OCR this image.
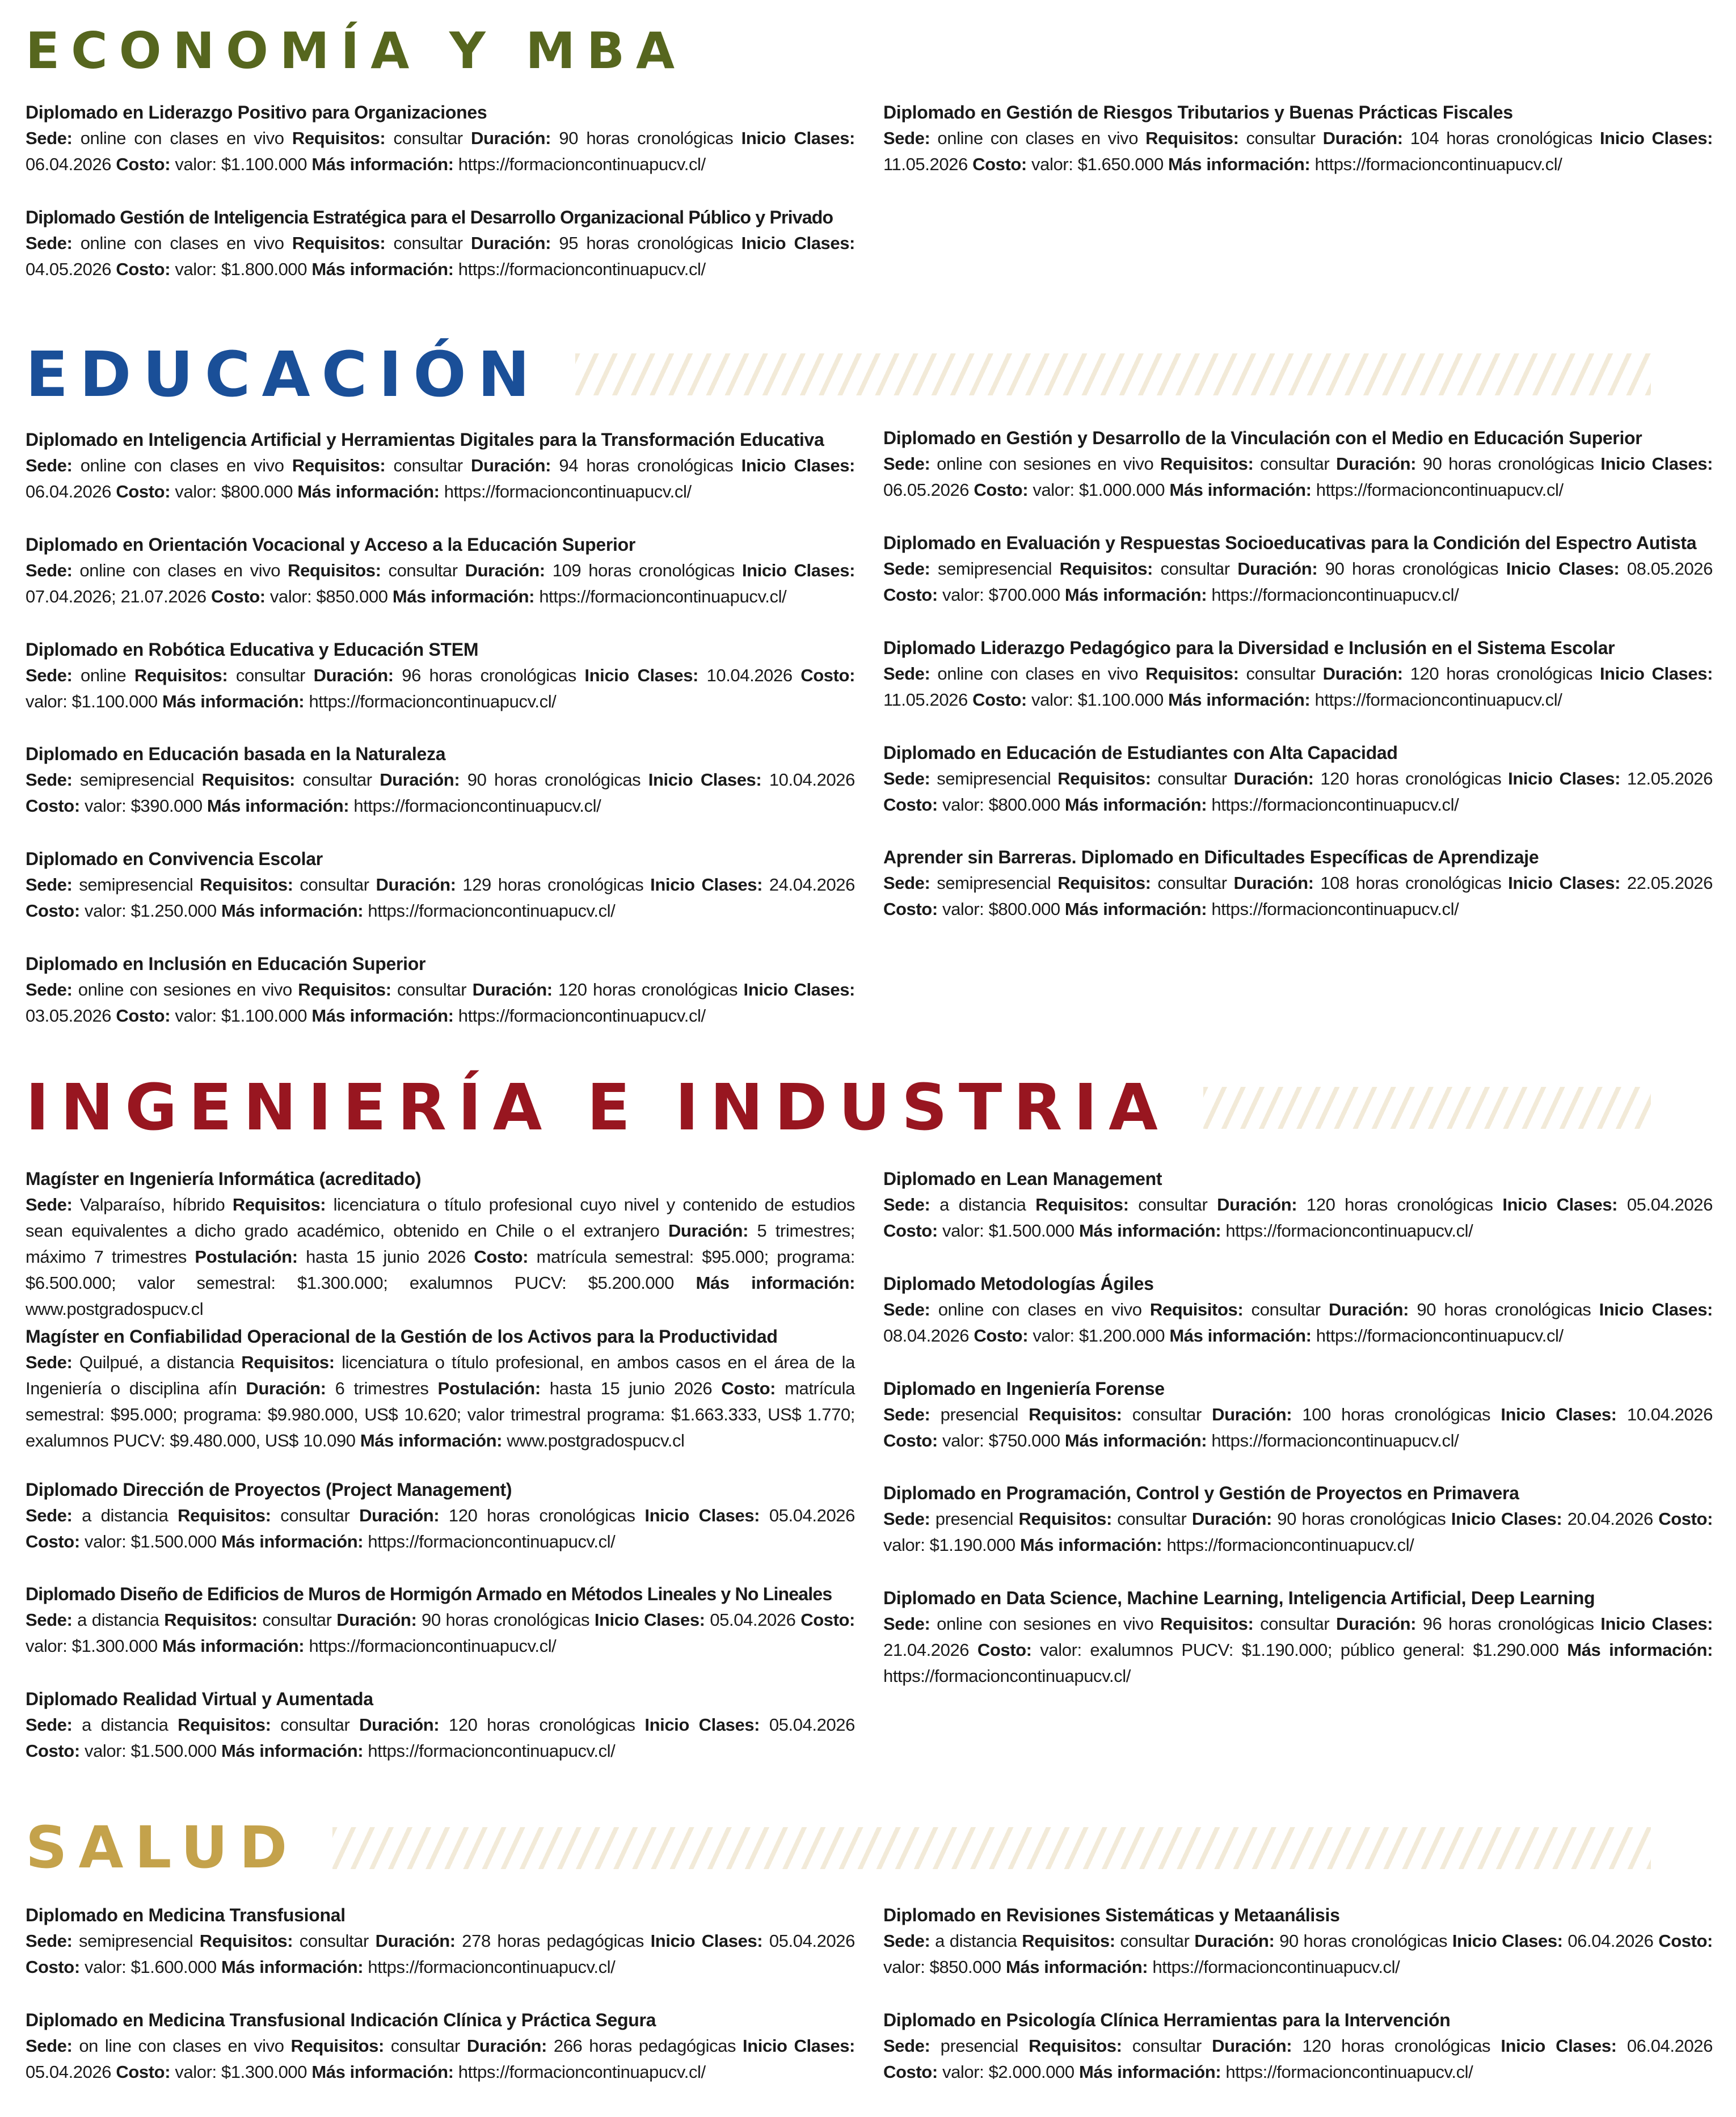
ECONOMÍA Y MBA
Diplomado en Liderazgo Positivo para Organizaciones
Sede: online con clases en vivo Requisitos: consultar Duración: 90 horas cronológicas Inicio Clases: 06.04.2026 Costo: valor: $1.100.000 Más información: https://formacioncontinuapucv.cl/
Diplomado Gestión de Inteligencia Estratégica para el Desarrollo Organizacional Público y Privado
Sede: online con clases en vivo Requisitos: consultar Duración: 95 horas cronológicas Inicio Clases: 04.05.2026 Costo: valor: $1.800.000 Más información: https://formacioncontinuapucv.cl/
Diplomado en Gestión de Riesgos Tributarios y Buenas Prácticas Fiscales
Sede: online con clases en vivo Requisitos: consultar Duración: 104 horas cronológicas Inicio Clases: 11.05.2026 Costo: valor: $1.650.000 Más información: https://formacioncontinuapucv.cl/
EDUCACIÓN
Diplomado en Inteligencia Artificial y Herramientas Digitales para la Transformación Educativa
Sede: online con clases en vivo Requisitos: consultar Duración: 94 horas cronológicas Inicio Clases: 06.04.2026 Costo: valor: $800.000 Más información: https://formacioncontinuapucv.cl/
Diplomado en Orientación Vocacional y Acceso a la Educación Superior
Sede: online con clases en vivo Requisitos: consultar Duración: 109 horas cronológicas Inicio Clases: 07.04.2026; 21.07.2026 Costo: valor: $850.000 Más información: https://formacioncontinuapucv.cl/
Diplomado en Robótica Educativa y Educación STEM
Sede: online Requisitos: consultar Duración: 96 horas cronológicas Inicio Clases: 10.04.2026 Costo: valor: $1.100.000 Más información: https://formacioncontinuapucv.cl/
Diplomado en Educación basada en la Naturaleza
Sede: semipresencial Requisitos: consultar Duración: 90 horas cronológicas Inicio Clases: 10.04.2026 Costo: valor: $390.000 Más información: https://formacioncontinuapucv.cl/
Diplomado en Convivencia Escolar
Sede: semipresencial Requisitos: consultar Duración: 129 horas cronológicas Inicio Clases: 24.04.2026 Costo: valor: $1.250.000 Más información: https://formacioncontinuapucv.cl/
Diplomado en Inclusión en Educación Superior
Sede: online con sesiones en vivo Requisitos: consultar Duración: 120 horas cronológicas Inicio Clases: 03.05.2026 Costo: valor: $1.100.000 Más información: https://formacioncontinuapucv.cl/
Diplomado en Gestión y Desarrollo de la Vinculación con el Medio en Educación Superior
Sede: online con sesiones en vivo Requisitos: consultar Duración: 90 horas cronológicas Inicio Clases: 06.05.2026 Costo: valor: $1.000.000 Más información: https://formacioncontinuapucv.cl/
Diplomado en Evaluación y Respuestas Socioeducativas para la Condición del Espectro Autista
Sede: semipresencial Requisitos: consultar Duración: 90 horas cronológicas Inicio Clases: 08.05.2026 Costo: valor: $700.000 Más información: https://formacioncontinuapucv.cl/
Diplomado Liderazgo Pedagógico para la Diversidad e Inclusión en el Sistema Escolar
Sede: online con clases en vivo Requisitos: consultar Duración: 120 horas cronológicas Inicio Clases: 11.05.2026 Costo: valor: $1.100.000 Más información: https://formacioncontinuapucv.cl/
Diplomado en Educación de Estudiantes con Alta Capacidad
Sede: semipresencial Requisitos: consultar Duración: 120 horas cronológicas Inicio Clases: 12.05.2026 Costo: valor: $800.000 Más información: https://formacioncontinuapucv.cl/
Aprender sin Barreras. Diplomado en Dificultades Específicas de Aprendizaje
Sede: semipresencial Requisitos: consultar Duración: 108 horas cronológicas Inicio Clases: 22.05.2026 Costo: valor: $800.000 Más información: https://formacioncontinuapucv.cl/
INGENIERÍA E INDUSTRIA
Magíster en Ingeniería Informática (acreditado)
Sede: Valparaíso, híbrido Requisitos: licenciatura o título profesional cuyo nivel y contenido de estudios sean equivalentes a dicho grado académico, obtenido en Chile o el extranjero Duración: 5 trimestres; máximo 7 trimestres Postulación: hasta 15 junio 2026 Costo: matrícula semestral: $95.000; programa: $6.500.000; valor semestral: $1.300.000; exalumnos PUCV: $5.200.000 Más información: www.postgradospucv.cl
Magíster en Confiabilidad Operacional de la Gestión de los Activos para la Productividad
Sede: Quilpué, a distancia Requisitos: licenciatura o título profesional, en ambos casos en el área de la Ingeniería o disciplina afín Duración: 6 trimestres Postulación: hasta 15 junio 2026 Costo: matrícula semestral: $95.000; programa: $9.980.000, US$ 10.620; valor trimestral programa: $1.663.333, US$ 1.770; exalumnos PUCV: $9.480.000, US$ 10.090 Más información: www.postgradospucv.cl
Diplomado Dirección de Proyectos (Project Management)
Sede: a distancia Requisitos: consultar Duración: 120 horas cronológicas Inicio Clases: 05.04.2026 Costo: valor: $1.500.000 Más información: https://formacioncontinuapucv.cl/
Diplomado Diseño de Edificios de Muros de Hormigón Armado en Métodos Lineales y No Lineales
Sede: a distancia Requisitos: consultar Duración: 90 horas cronológicas Inicio Clases: 05.04.2026 Costo: valor: $1.300.000 Más información: https://formacioncontinuapucv.cl/
Diplomado Realidad Virtual y Aumentada
Sede: a distancia Requisitos: consultar Duración: 120 horas cronológicas Inicio Clases: 05.04.2026 Costo: valor: $1.500.000 Más información: https://formacioncontinuapucv.cl/
Diplomado en Lean Management
Sede: a distancia Requisitos: consultar Duración: 120 horas cronológicas Inicio Clases: 05.04.2026 Costo: valor: $1.500.000 Más información: https://formacioncontinuapucv.cl/
Diplomado Metodologías Ágiles
Sede: online con clases en vivo Requisitos: consultar Duración: 90 horas cronológicas Inicio Clases: 08.04.2026 Costo: valor: $1.200.000 Más información: https://formacioncontinuapucv.cl/
Diplomado en Ingeniería Forense
Sede: presencial Requisitos: consultar Duración: 100 horas cronológicas Inicio Clases: 10.04.2026 Costo: valor: $750.000 Más información: https://formacioncontinuapucv.cl/
Diplomado en Programación, Control y Gestión de Proyectos en Primavera
Sede: presencial Requisitos: consultar Duración: 90 horas cronológicas Inicio Clases: 20.04.2026 Costo: valor: $1.190.000 Más información: https://formacioncontinuapucv.cl/
Diplomado en Data Science, Machine Learning, Inteligencia Artificial, Deep Learning
Sede: online con sesiones en vivo Requisitos: consultar Duración: 96 horas cronológicas Inicio Clases: 21.04.2026 Costo: valor: exalumnos PUCV: $1.190.000; público general: $1.290.000 Más información: https://formacioncontinuapucv.cl/
SALUD
Diplomado en Medicina Transfusional
Sede: semipresencial Requisitos: consultar Duración: 278 horas pedagógicas Inicio Clases: 05.04.2026 Costo: valor: $1.600.000 Más información: https://formacioncontinuapucv.cl/
Diplomado en Medicina Transfusional Indicación Clínica y Práctica Segura
Sede: on line con clases en vivo Requisitos: consultar Duración: 266 horas pedagógicas Inicio Clases: 05.04.2026 Costo: valor: $1.300.000 Más información: https://formacioncontinuapucv.cl/
Diplomado en Revisiones Sistemáticas y Metaanálisis
Sede: a distancia Requisitos: consultar Duración: 90 horas cronológicas Inicio Clases: 06.04.2026 Costo: valor: $850.000 Más información: https://formacioncontinuapucv.cl/
Diplomado en Psicología Clínica Herramientas para la Intervención
Sede: presencial Requisitos: consultar Duración: 120 horas cronológicas Inicio Clases: 06.04.2026 Costo: valor: $2.000.000 Más información: https://formacioncontinuapucv.cl/
